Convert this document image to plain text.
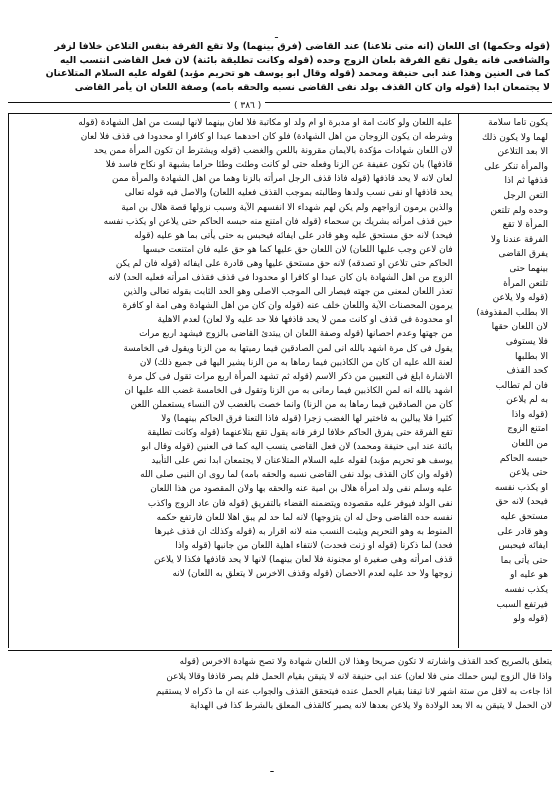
ـ
(قوله وحكمها) اى اللعان (انه متى تلاعنا) عند القاضى (فرق بينهما) ولا تقع الفرقة بنفس التلاعن خلافا لزفر
والشافعى فانه يقول تقع الفرقة بلعان الزوج وحده (قوله وكانت تطليقة بائنة) لان فعل القاضى انتسب اليه
كما فى العنين وهذا عند ابى حنيفة ومحمد (قوله وقال ابو يوسف هو تحريم مؤبد) لقوله عليه السلام المتلاعنان
لا يجتمعان ابدا (قوله وان كان القذف بولد نفى القاضى نسبه والحقه بامه) وصفة اللعان ان يأمر القاضى
( ٣٨٦ )
يكون تاما سلامة
لهما ولا يكون ذلك
الا بعد التلاعن
والمرأة تنكر على
قذفها ثم اذا
التعن الرجل
وحده ولم تلتعن
المرأة لا تقع
الفرقة عندنا ولا
يفرق القاضى
بينهما حتى
تلتعن المرأة
(قوله ولا يلاعن
الا بطلب المقذوفة)
لان اللعان حقها
فلا يستوفى
الا بطلبها
كحد القذف
فان لم تطالب
به لم يلاعن
(قوله واذا
امتنع الزوج
من اللعان
حبسه الحاكم
حتى يلاعن
او يكذب نفسه
فيحد) لانه حق
مستحق عليه
وهو قادر على
ايفائه فيحبس
حتى يأتى بما
هو عليه او
يكذب نفسه
فيرتفع السبب
(قوله ولو
عليه اللعان ولو كانت امة او مدبرة او ام ولد او مكاتبة فلا لعان بينهما لانها ليست من اهل الشهادة (قوله
وشرطه ان يكون الزوجان من اهل الشهادة) فلو كان احدهما عبدا او كافرا او محدودا فى قذف فلا لعان
لان اللعان شهادات مؤكدة بالايمان مقرونة باللعن والغضب (قوله ويشترط ان تكون المرأة ممن يحد
قاذفها) بان تكون عفيفة عن الزنا وفعله حتى لو كانت وطئت وطئا حراما بشبهة او نكاح فاسد فلا
لعان لانه لا يحد قاذفها (قوله فاذا قذف الرجل امرأته بالزنا وهما من اهل الشهادة والمرأة ممن
يحد قاذفها او نفى نسب ولدها وطالبته بموجب القذف فعليه اللعان) والاصل فيه قوله تعالى
والذين يرمون ازواجهم ولم يكن لهم شهداء الا انفسهم الآية وسبب نزولها قصة هلال بن امية
حين قذف امرأته بشريك بن سحماء (قوله فان امتنع منه حبسه الحاكم حتى يلاعن او يكذب نفسه
فيحد) لانه حق مستحق عليه وهو قادر على ايفائه فيحبس به حتى يأتى بما هو عليه (قوله
فان لاعن وجب عليها اللعان) لان اللعان حق عليها كما هو حق عليه فان امتنعت حبسها
الحاكم حتى تلاعن او تصدقه) لانه حق مستحق عليها وهى قادرة على ايفائه (قوله فان لم يكن
الزوج من اهل الشهادة بان كان عبدا او كافرا او محدودا فى قذف فقذف امرأته فعليه الحد) لانه
تعذر اللعان لمعنى من جهته فيصار الى الموجب الاصلى وهو الحد الثابت بقوله تعالى والذين
يرمون المحصنات الآية واللعان خلف عنه (قوله وان كان من اهل الشهادة وهى امة او كافرة
او محدودة فى قذف او كانت ممن لا يحد قاذفها فلا حد عليه ولا لعان) لعدم الاهلية
من جهتها وعدم احصانها (قوله وصفة اللعان ان يبتدئ القاضى بالزوج فيشهد اربع مرات
يقول فى كل مرة اشهد بالله انى لمن الصادقين فيما رميتها به من الزنا ويقول فى الخامسة
لعنة الله عليه ان كان من الكاذبين فيما رماها به من الزنا يشير اليها فى جميع ذلك) لان
الاشارة ابلغ فى التعيين من ذكر الاسم (قوله ثم تشهد المرأة اربع مرات تقول فى كل مرة
اشهد بالله انه لمن الكاذبين فيما رمانى به من الزنا وتقول فى الخامسة غضب الله عليها ان
كان من الصادقين فيما رماها به من الزنا) وانما خصت بالغضب لان النساء يستعملن اللعن
كثيرا فلا يبالين به فاختير لها الغضب زجرا (قوله فاذا التعنا فرق الحاكم بينهما) ولا
تقع الفرقة حتى يفرق الحاكم خلافا لزفر فانه يقول تقع بتلاعنهما (قوله وكانت تطليقة
بائنة عند ابى حنيفة ومحمد) لان فعل القاضى ينسب اليه كما فى العنين (قوله وقال ابو
يوسف هو تحريم مؤبد) لقوله عليه السلام المتلاعنان لا يجتمعان ابدا نص على التأبيد
(قوله وان كان القذف بولد نفى القاضى نسبه والحقه بامه) لما روى ان النبى صلى الله
عليه وسلم نفى ولد امرأة هلال بن امية عنه والحقه بها ولان المقصود من هذا اللعان
نفى الولد فيوفر عليه مقصوده ويتضمنه القضاء بالتفريق (قوله فان عاد الزوج واكذب
نفسه حده القاضى وحل له ان يتزوجها) لانه لما حد لم يبق اهلا للعان فارتفع حكمه
المنوط به وهو التحريم ويثبت النسب منه لانه اقرار به (قوله وكذلك ان قذف غيرها
فحد) لما ذكرنا (قوله او زنت فحدت) لانتفاء اهلية اللعان من جانبها (قوله واذا
قذف امرأته وهى صغيرة او مجنونة فلا لعان بينهما) لانها لا يحد قاذفها فكذا لا يلاعن
زوجها ولا حد عليه لعدم الاحصان (قوله وقذف الاخرس لا يتعلق به اللعان) لانه
يتعلق بالصريح كحد القذف واشارته لا تكون صريحا وهذا لان اللعان شهادة ولا تصح شهادة الاخرس (قوله
واذا قال الزوج ليس حملك منى فلا لعان) عند ابى حنيفة لانه لا يتيقن بقيام الحمل فلم يصر قاذفا وقالا يلاعن
اذا جاءت به لاقل من ستة اشهر لانا تيقنا بقيام الحمل عنده فيتحقق القذف والجواب عنه ان ما ذكراه لا يستقيم
لان الحمل لا يتيقن به الا بعد الولادة ولا يلاعن بعدها لانه يصير كالقذف المعلق بالشرط كذا فى الهداية
ـ
